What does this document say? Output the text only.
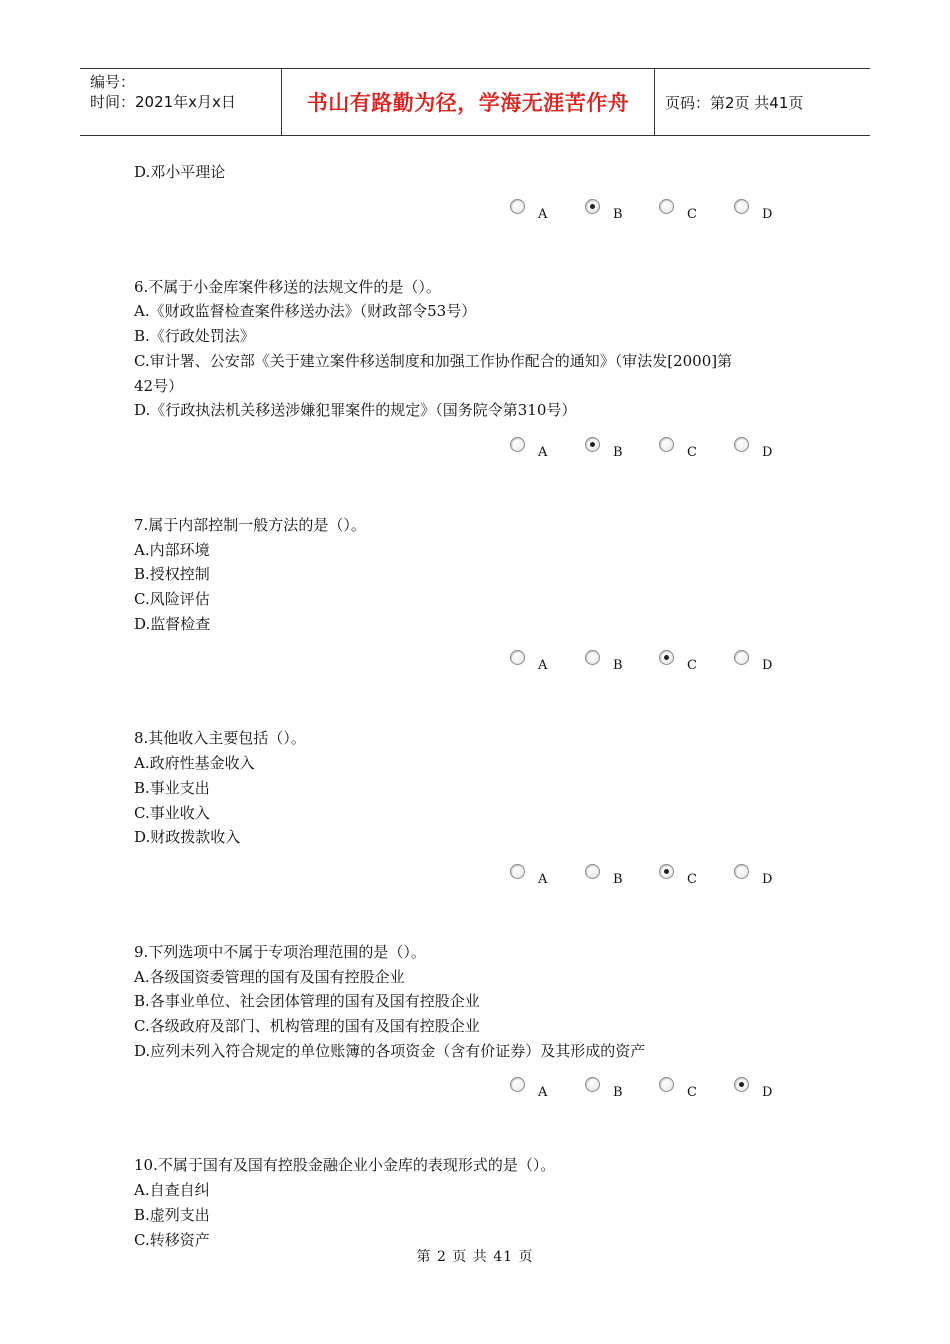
编号：
时间：2021年x月x日	书山有路勤为径，学海无涯苦作舟	页码：第2页 共41页
D.邓小平理论
A	B	C	D
6.不属于小金库案件移送的法规文件的是（）。
A.《财政监督检查案件移送办法》（财政部令53号）
B.《行政处罚法》
C.审计署、公安部《关于建立案件移送制度和加强工作协作配合的通知》（审法发[2000]第
42号）
D.《行政执法机关移送涉嫌犯罪案件的规定》（国务院令第310号）
A	B	C	D
7.属于内部控制一般方法的是（）。
A.内部环境
B.授权控制
C.风险评估
D.监督检查
A	B	C	D
8.其他收入主要包括（）。
A.政府性基金收入
B.事业支出
C.事业收入
D.财政拨款收入
A	B	C	D
9.下列选项中不属于专项治理范围的是（）。
A.各级国资委管理的国有及国有控股企业
B.各事业单位、社会团体管理的国有及国有控股企业
C.各级政府及部门、机构管理的国有及国有控股企业
D.应列未列入符合规定的单位账簿的各项资金（含有价证券）及其形成的资产
A	B	C	D
10.不属于国有及国有控股金融企业小金库的表现形式的是（）。
A.自查自纠
B.虚列支出
C.转移资产
第 2 页 共 41 页
